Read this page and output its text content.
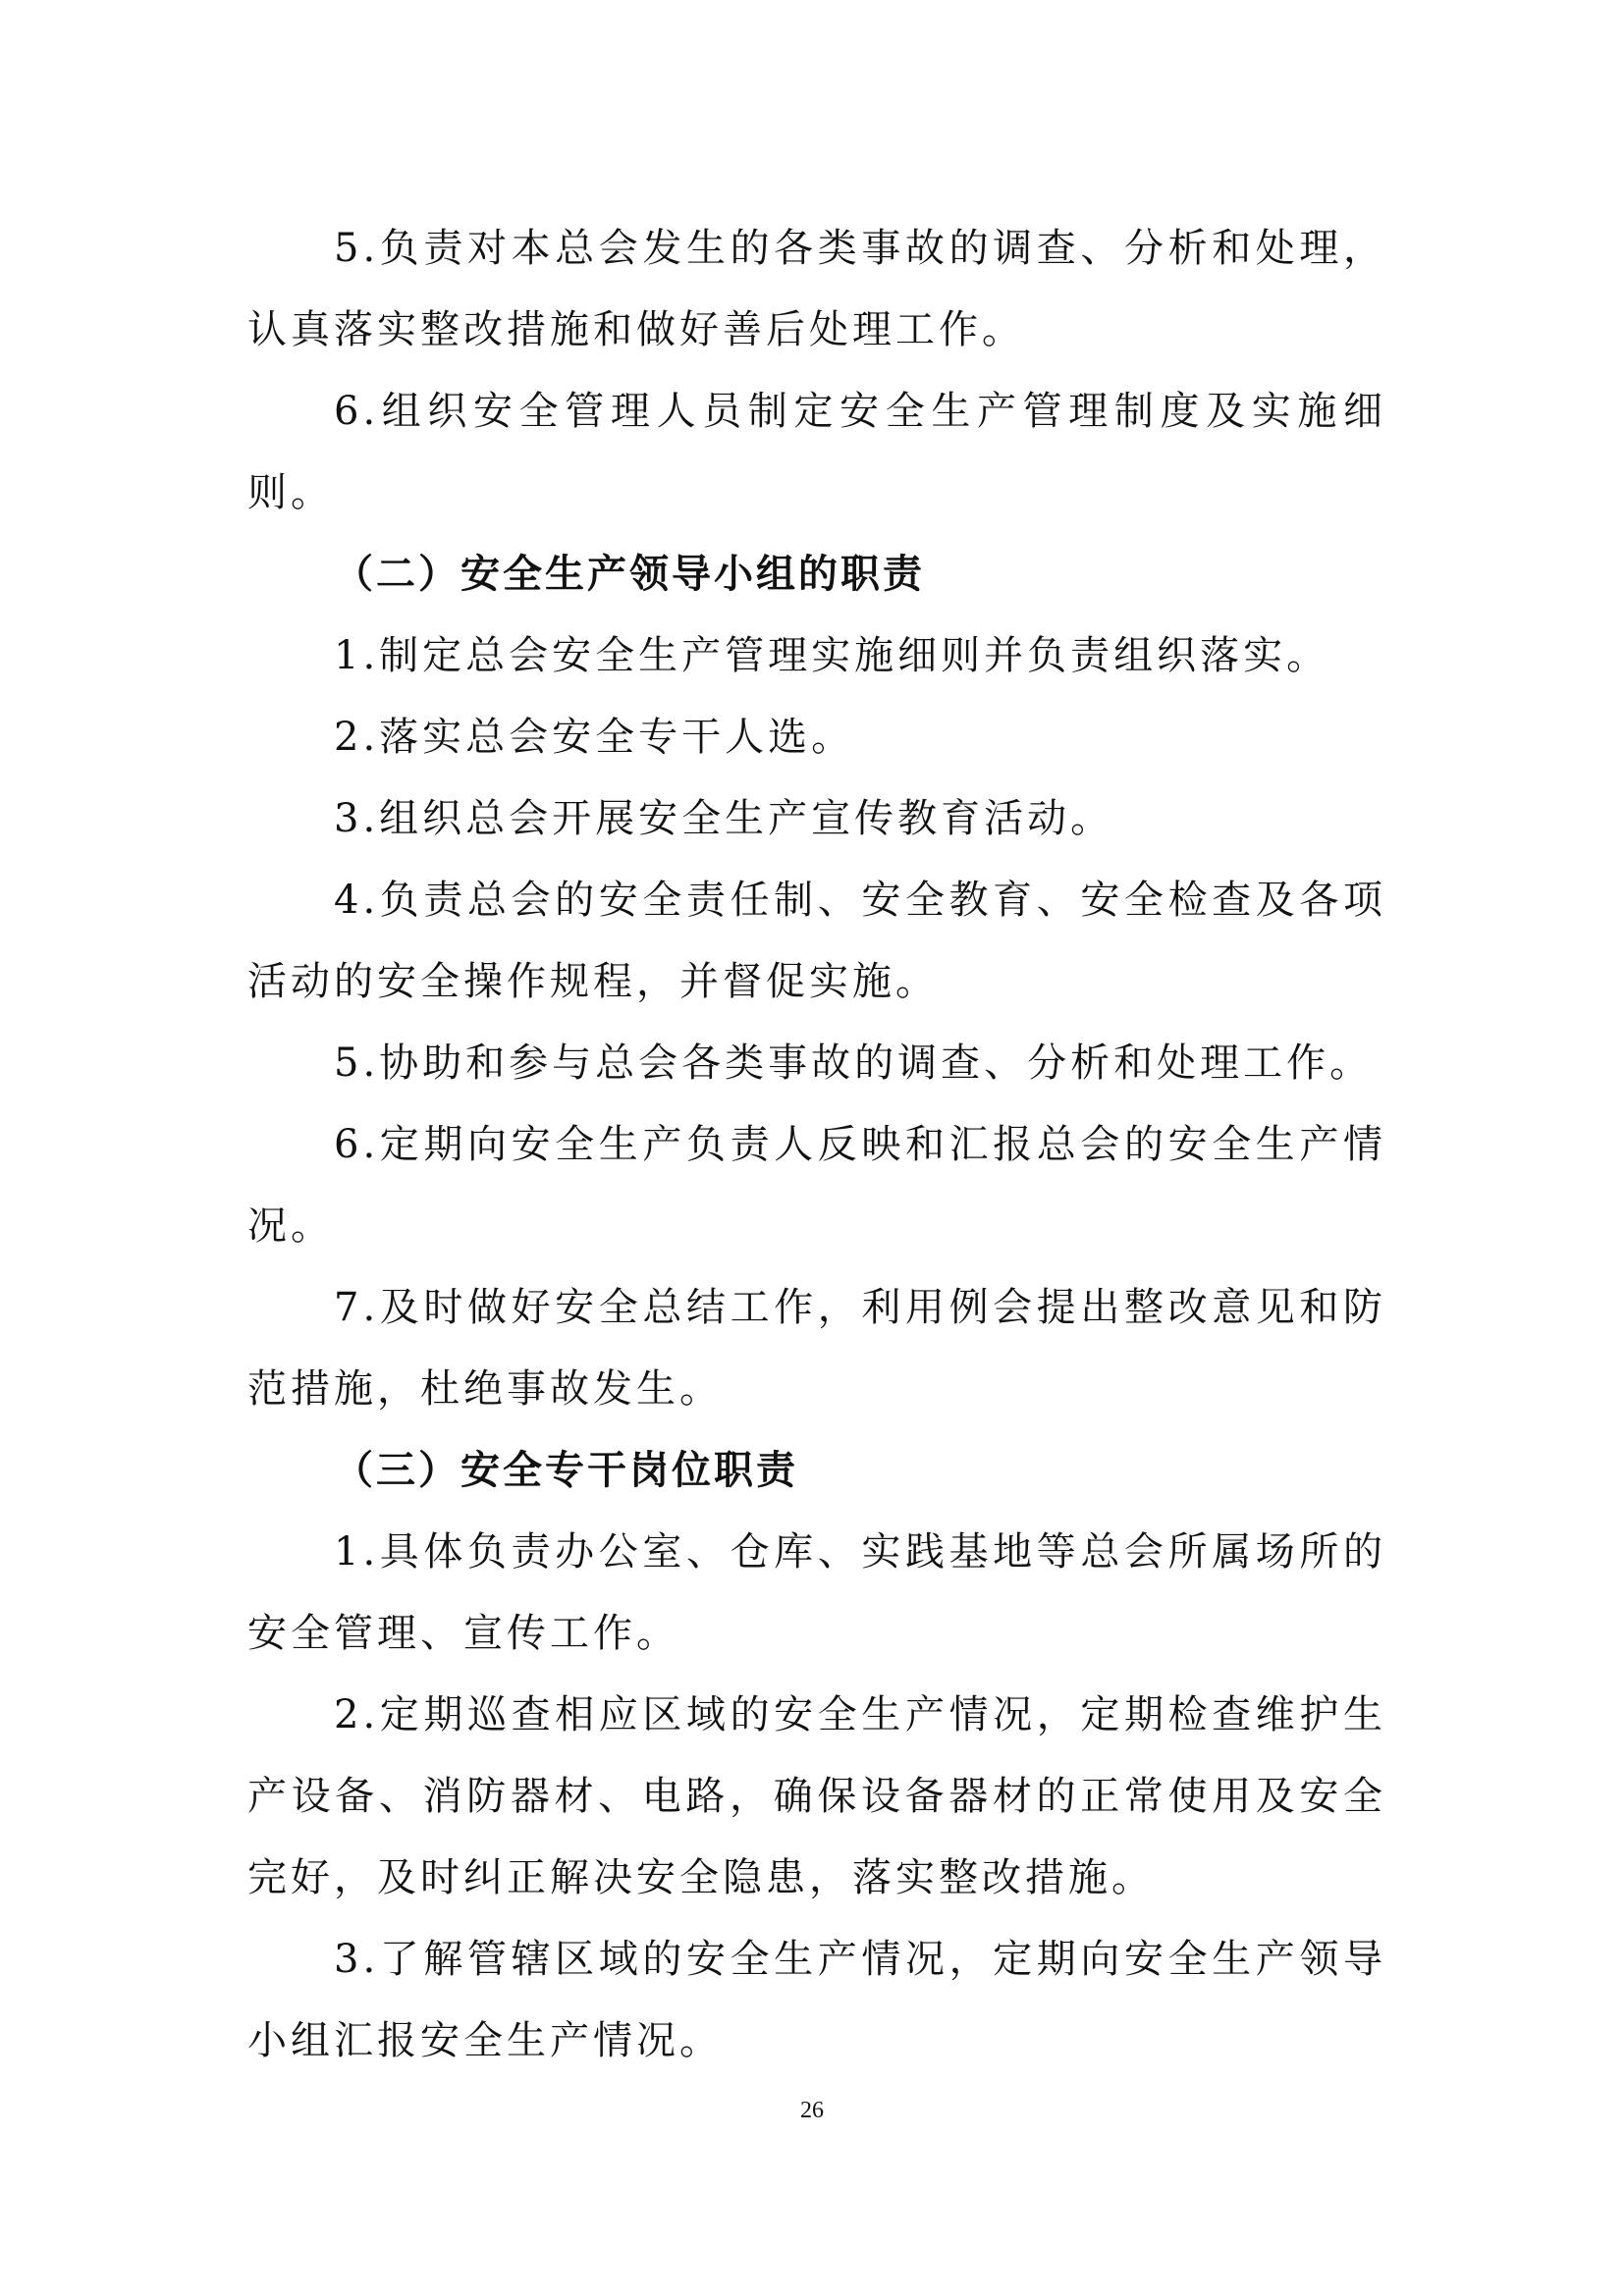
5.负责对本总会发生的各类事故的调查、分析和处理，认真落实整改措施和做好善后处理工作。

6.组织安全管理人员制定安全生产管理制度及实施细则。

（二）安全生产领导小组的职责

1.制定总会安全生产管理实施细则并负责组织落实。

2.落实总会安全专干人选。

3.组织总会开展安全生产宣传教育活动。

4.负责总会的安全责任制、安全教育、安全检查及各项活动的安全操作规程，并督促实施。

5.协助和参与总会各类事故的调查、分析和处理工作。

6.定期向安全生产负责人反映和汇报总会的安全生产情况。

7.及时做好安全总结工作，利用例会提出整改意见和防范措施，杜绝事故发生。

（三）安全专干岗位职责

1.具体负责办公室、仓库、实践基地等总会所属场所的安全管理、宣传工作。

2.定期巡查相应区域的安全生产情况，定期检查维护生产设备、消防器材、电路，确保设备器材的正常使用及安全完好，及时纠正解决安全隐患，落实整改措施。

3.了解管辖区域的安全生产情况，定期向安全生产领导小组汇报安全生产情况。

26
